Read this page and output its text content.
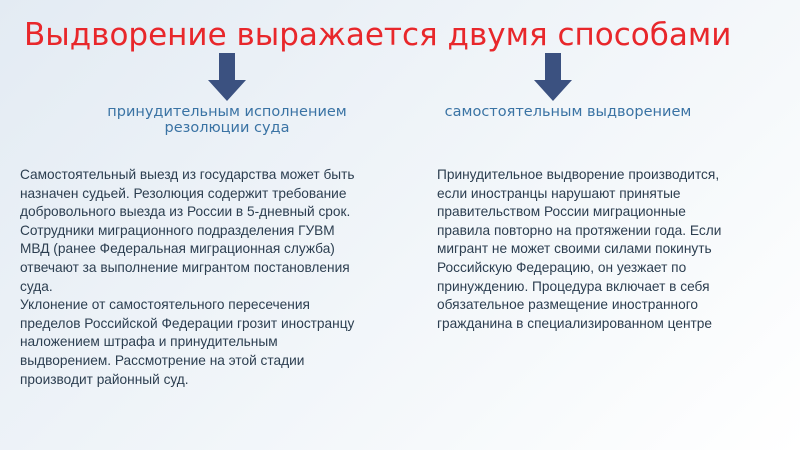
Выдворение выражается двумя способами
принудительным исполнением
резолюции суда
самостоятельным выдворением

Самостоятельный выезд из государства может быть
назначен судьей. Резолюция содержит требование
добровольного выезда из России в 5-дневный срок.
Сотрудники миграционного подразделения ГУВМ
МВД (ранее Федеральная миграционная служба)
отвечают за выполнение мигрантом постановления
суда.
Уклонение от самостоятельного пересечения
пределов Российской Федерации грозит иностранцу
наложением штрафа и принудительным
выдворением. Рассмотрение на этой стадии
производит районный суд.

Принудительное выдворение производится,
если иностранцы нарушают принятые
правительством России миграционные
правила повторно на протяжении года. Если
мигрант не может своими силами покинуть
Российскую Федерацию, он уезжает по
принуждению. Процедура включает в себя
обязательное размещение иностранного
гражданина в специализированном центре
